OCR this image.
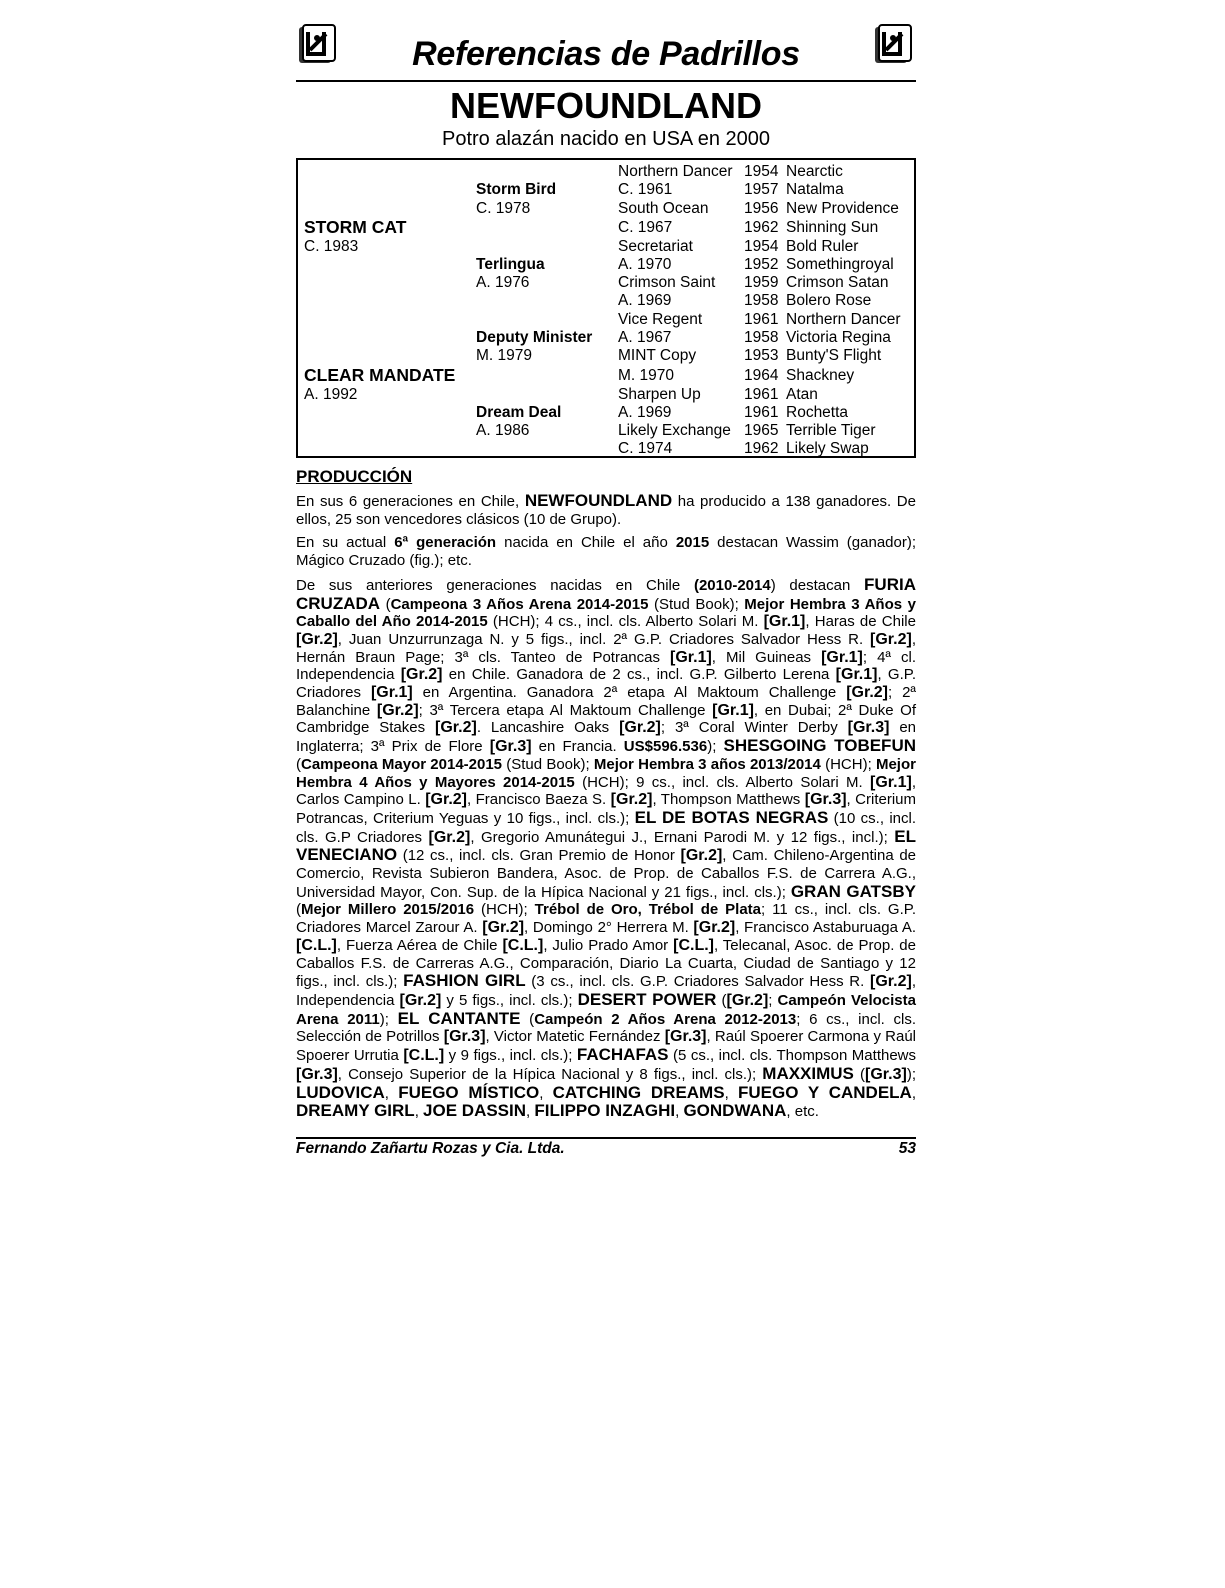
Referencias de Padrillos
NEWFOUNDLAND
Potro alazán nacido en USA en 2000
STORM CAT
C. 1983
CLEAR MANDATE
A. 1992
Storm Bird
C. 1978
Terlingua
A. 1976
Deputy Minister
M. 1979
Dream Deal
A. 1986
Northern Dancer
C. 1961
South Ocean
C. 1967
Secretariat
A. 1970
Crimson Saint
A. 1969
Vice Regent
A. 1967
MINT Copy
M. 1970
Sharpen Up
A. 1969
Likely Exchange
C. 1974
1954
1957
1956
1962
1954
1952
1959
1958
1961
1958
1953
1964
1961
1961
1965
1962
Nearctic
Natalma
New Providence
Shinning Sun
Bold Ruler
Somethingroyal
Crimson Satan
Bolero Rose
Northern Dancer
Victoria Regina
Bunty'S Flight
Shackney
Atan
Rochetta
Terrible Tiger
Likely Swap
PRODUCCIÓN

En sus 6 generaciones en Chile, NEWFOUNDLAND ha producido a 138 ganadores. De ellos, 25 son vencedores clásicos (10 de Grupo).

En su actual 6ª generación nacida en Chile el año 2015 destacan Wassim (ganador); Mágico Cruzado (fig.); etc.

De sus anteriores generaciones nacidas en Chile (2010-2014) destacan FURIA CRUZADA (Campeona 3 Años Arena 2014-2015 (Stud Book); Mejor Hembra 3 Años y Caballo del Año 2014-2015 (HCH); 4 cs., incl. cls. Alberto Solari M. [Gr.1], Haras de Chile [Gr.2], Juan Unzurrunzaga N. y 5 figs., incl. 2ª G.P. Criadores Salvador Hess R. [Gr.2], Hernán Braun Page; 3ª cls. Tanteo de Potrancas [Gr.1], Mil Guineas [Gr.1]; 4ª cl. Independencia [Gr.2] en Chile. Ganadora de 2 cs., incl. G.P. Gilberto Lerena [Gr.1], G.P. Criadores [Gr.1] en Argentina. Ganadora 2ª etapa Al Maktoum Challenge [Gr.2]; 2ª Balanchine [Gr.2]; 3ª Tercera etapa Al Maktoum Challenge [Gr.1], en Dubai; 2ª Duke Of Cambridge Stakes [Gr.2]. Lancashire Oaks [Gr.2]; 3ª Coral Winter Derby [Gr.3] en Inglaterra; 3ª Prix de Flore [Gr.3] en Francia. US$596.536); SHESGOING TOBEFUN (Campeona Mayor 2014-2015 (Stud Book); Mejor Hembra 3 años 2013/2014 (HCH); Mejor Hembra 4 Años y Mayores 2014-2015 (HCH); 9 cs., incl. cls. Alberto Solari M. [Gr.1], Carlos Campino L. [Gr.2], Francisco Baeza S. [Gr.2], Thompson Matthews [Gr.3], Criterium Potrancas, Criterium Yeguas y 10 figs., incl. cls.); EL DE BOTAS NEGRAS (10 cs., incl. cls. G.P Criadores [Gr.2], Gregorio Amunátegui J., Ernani Parodi M. y 12 figs., incl.); EL VENECIANO (12 cs., incl. cls. Gran Premio de Honor [Gr.2], Cam. Chileno-Argentina de Comercio, Revista Subieron Bandera, Asoc. de Prop. de Caballos F.S. de Carrera A.G., Universidad Mayor, Con. Sup. de la Hípica Nacional y 21 figs., incl. cls.); GRAN GATSBY (Mejor Millero 2015/2016 (HCH); Trébol de Oro, Trébol de Plata; 11 cs., incl. cls. G.P. Criadores Marcel Zarour A. [Gr.2], Domingo 2° Herrera M. [Gr.2], Francisco Astaburuaga A. [C.L.], Fuerza Aérea de Chile [C.L.], Julio Prado Amor [C.L.], Telecanal, Asoc. de Prop. de Caballos F.S. de Carreras A.G., Comparación, Diario La Cuarta, Ciudad de Santiago y 12 figs., incl. cls.); FASHION GIRL (3 cs., incl. cls. G.P. Criadores Salvador Hess R. [Gr.2], Independencia [Gr.2] y 5 figs., incl. cls.); DESERT POWER ([Gr.2]; Campeón Velocista Arena 2011); EL CANTANTE (Campeón 2 Años Arena 2012-2013; 6 cs., incl. cls. Selección de Potrillos [Gr.3], Victor Matetic Fernández [Gr.3], Raúl Spoerer Carmona y Raúl Spoerer Urrutia [C.L.] y 9 figs., incl. cls.); FACHAFAS (5 cs., incl. cls. Thompson Matthews [Gr.3], Consejo Superior de la Hípica Nacional y 8 figs., incl. cls.); MAXXIMUS ([Gr.3]); LUDOVICA, FUEGO MÍSTICO, CATCHING DREAMS, FUEGO Y CANDELA, DREAMY GIRL, JOE DASSIN, FILIPPO INZAGHI, GONDWANA, etc.

Fernando Zañartu Rozas y Cia. Ltda.	53
